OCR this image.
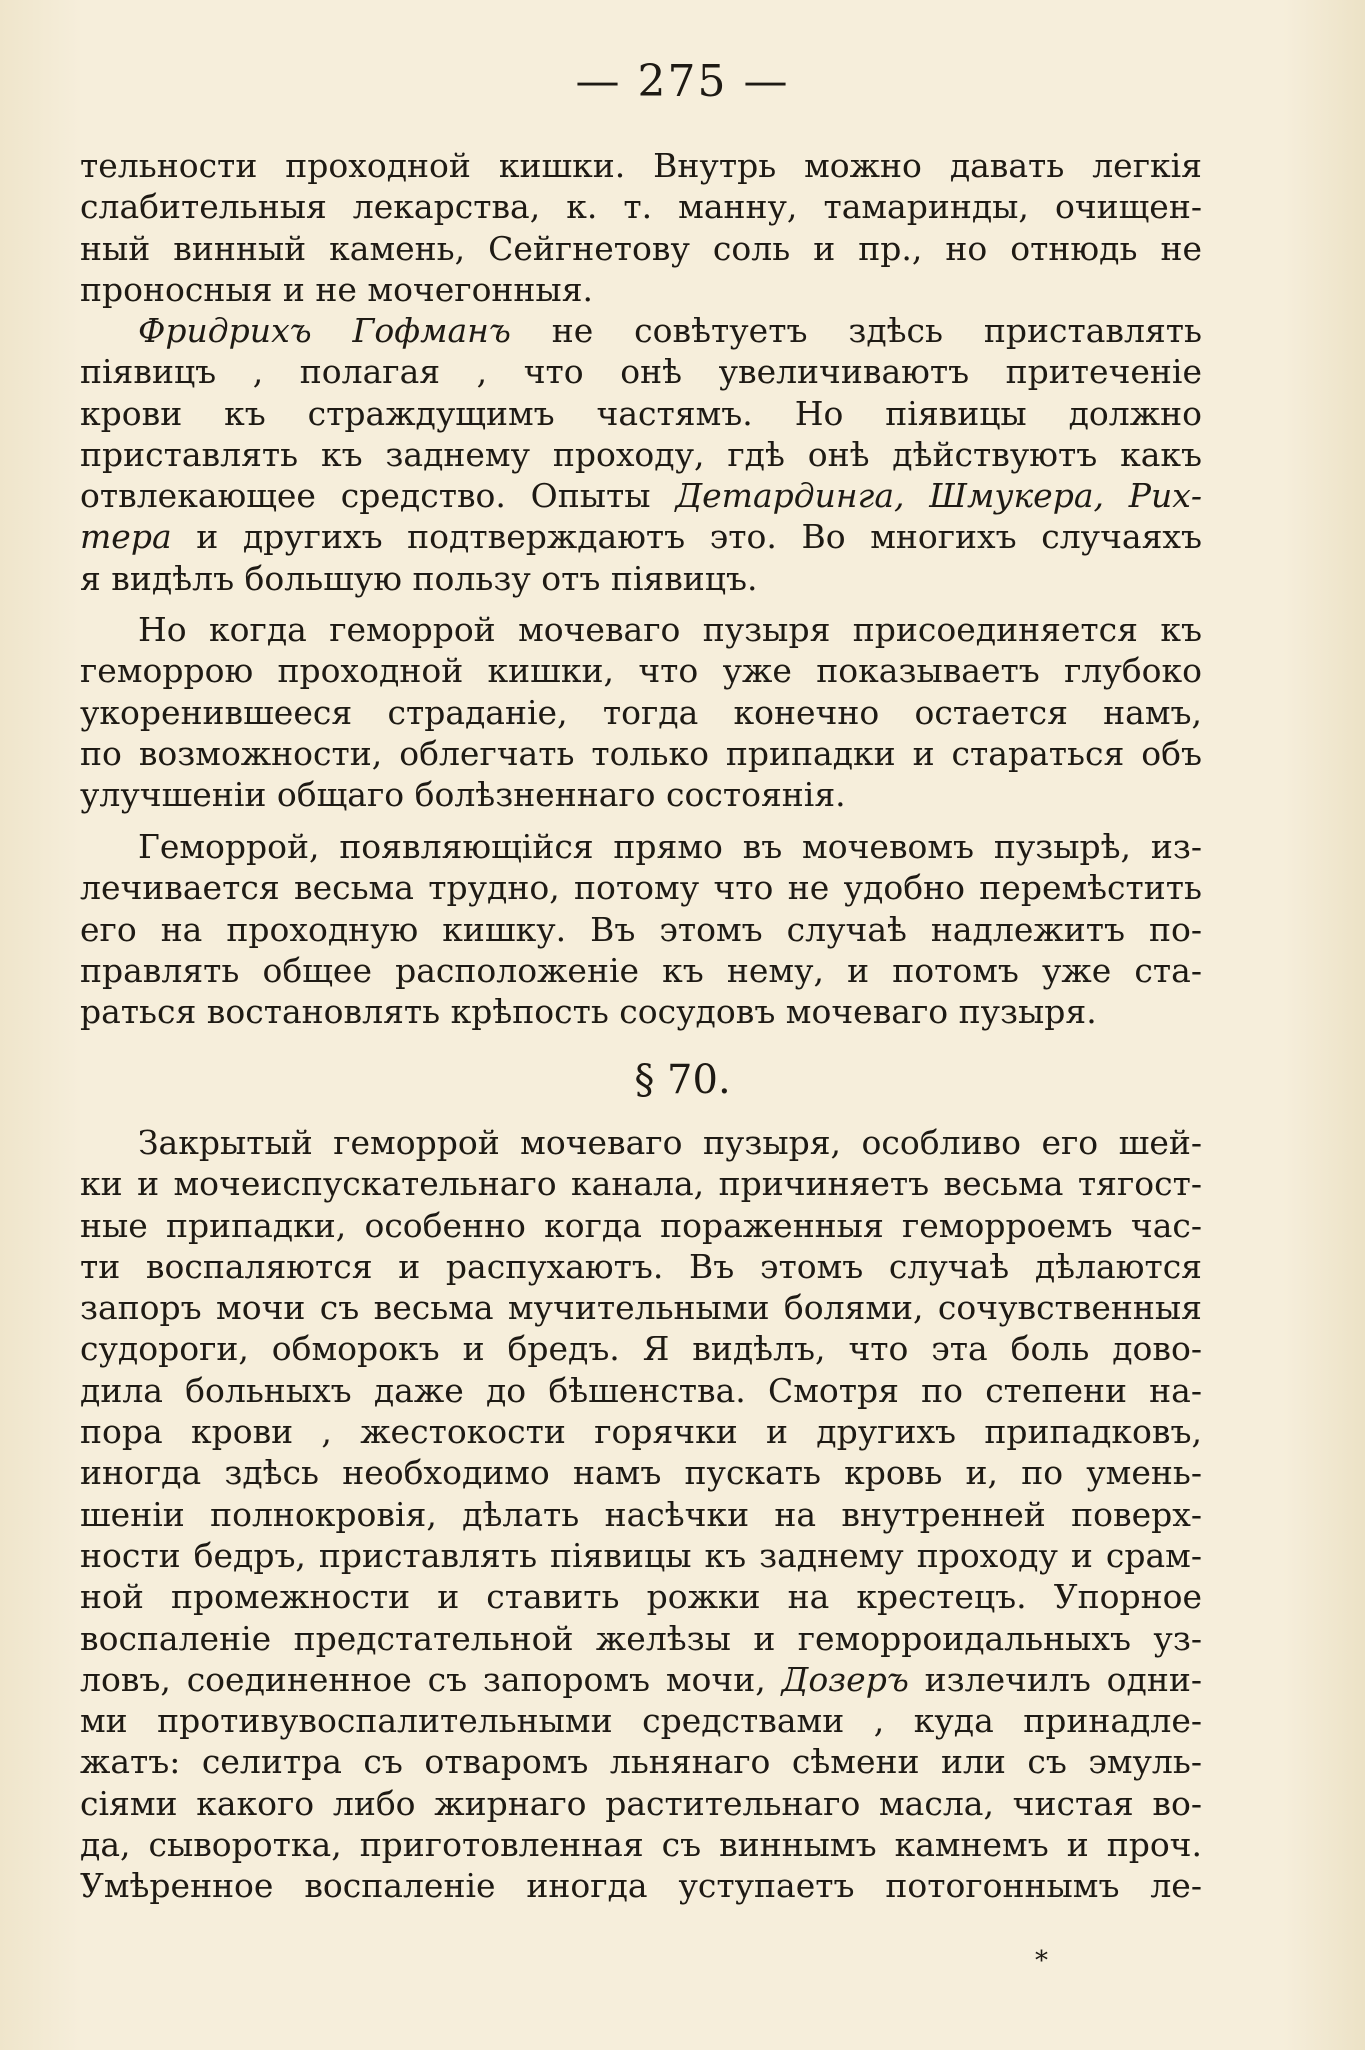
— 275 —
тельности проходной кишки. Внутрь можно давать легкія
слабительныя лекарства, к. т. манну, тамаринды, очищен-
ный винный камень, Сейгнетову соль и пр., но отнюдь не
проносныя и не мочегонныя.
Фридрихъ Гофманъ не совѣтуетъ здѣсь приставлять
піявицъ , полагая , что онѣ увеличиваютъ притеченіе
крови къ страждущимъ частямъ. Но піявицы должно
приставлять къ заднему проходу, гдѣ онѣ дѣйствуютъ какъ
отвлекающее средство. Опыты Детардинга, Шмукера, Рих-
тера и другихъ подтверждаютъ это. Во многихъ случаяхъ
я видѣлъ большую пользу отъ піявицъ.
Но когда геморрой мочеваго пузыря присоединяется къ
геморрою проходной кишки, что уже показываетъ глубоко
укоренившееся страданіе, тогда конечно остается намъ,
по возможности, облегчать только припадки и стараться объ
улучшеніи общаго болѣзненнаго состоянія.
Геморрой, появляющійся прямо въ мочевомъ пузырѣ, из-
лечивается весьма трудно, потому что не удобно перемѣстить
его на проходную кишку. Въ этомъ случаѣ надлежитъ по-
правлять общее расположеніе къ нему, и потомъ уже ста-
раться востановлять крѣпость сосудовъ мочеваго пузыря.
§ 70.
Закрытый геморрой мочеваго пузыря, особливо его шей-
ки и мочеиспускательнаго канала, причиняетъ весьма тягост-
ные припадки, особенно когда пораженныя геморроемъ час-
ти воспаляются и распухаютъ. Въ этомъ случаѣ дѣлаются
запоръ мочи съ весьма мучительными болями, сочувственныя
судороги, обморокъ и бредъ. Я видѣлъ, что эта боль дово-
дила больныхъ даже до бѣшенства. Смотря по степени на-
пора крови , жестокости горячки и другихъ припадковъ,
иногда здѣсь необходимо намъ пускать кровь и, по умень-
шеніи полнокровія, дѣлать насѣчки на внутренней поверх-
ности бедръ, приставлять піявицы къ заднему проходу и срам-
ной промежности и ставить рожки на крестецъ. Упорное
воспаленіе предстательной желѣзы и геморроидальныхъ уз-
ловъ, соединенное съ запоромъ мочи, Дозеръ излечилъ одни-
ми противувоспалительными средствами , куда принадле-
жатъ: селитра съ отваромъ льнянаго сѣмени или съ эмуль-
сіями какого либо жирнаго растительнаго масла, чистая во-
да, сыворотка, приготовленная съ виннымъ камнемъ и проч.
Умѣренное воспаленіе иногда уступаетъ потогоннымъ ле-
*
